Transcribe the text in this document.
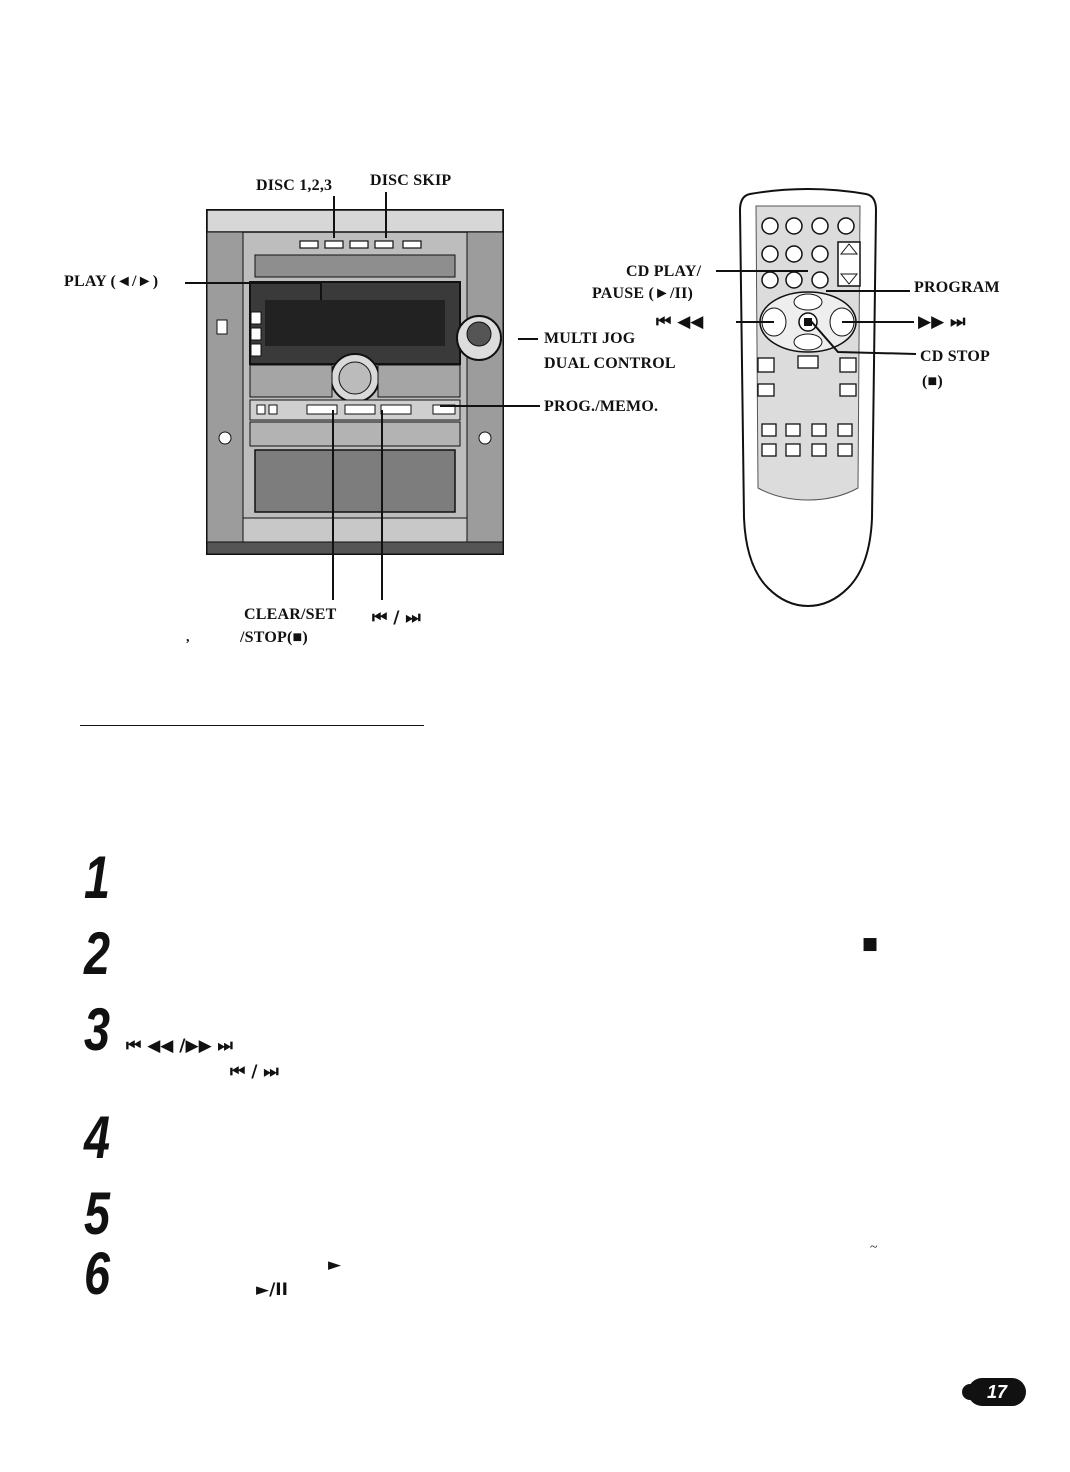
DISC 1,2,3 DISC SKIP
PLAY (◄/►)
MULTI JOG
DUAL CONTROL
PROG./MEMO.
CLEAR/SET
/STOP(■)
⏮ / ⏭
,
CD PLAY/
PAUSE (►/II)	PROGRAM
⏮ ◀◀	▶▶ ⏭
CD STOP
(■)
1
2	■
3 ⏮ ◀◀ /▶▶ ⏭
⏮ / ⏭
4
5
~
6	►
►/II
17
